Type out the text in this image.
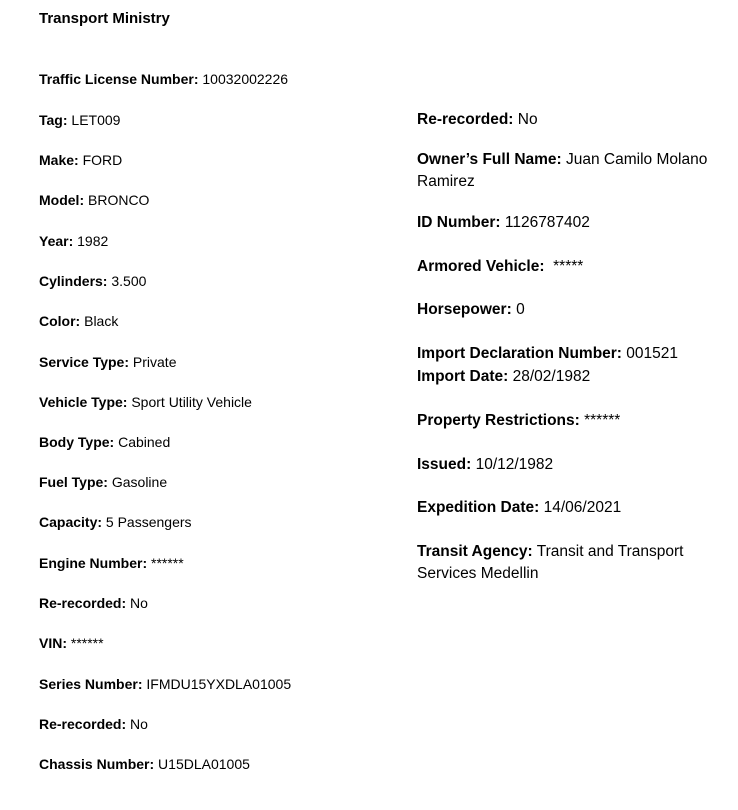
Transport Ministry
Traffic License Number: 10032002226
Tag: LET009
Make: FORD
Model: BRONCO
Year: 1982
Cylinders: 3.500
Color: Black
Service Type: Private
Vehicle Type: Sport Utility Vehicle
Body Type: Cabined
Fuel Type: Gasoline
Capacity: 5 Passengers
Engine Number: ******
Re-recorded: No
VIN: ******
Series Number: IFMDU15YXDLA01005
Re-recorded: No
Chassis Number: U15DLA01005
Re-recorded: No
Owner’s Full Name: Juan Camilo Molano Ramirez
ID Number: 1126787402
Armored Vehicle: *****
Horsepower: 0
Import Declaration Number: 001521
Import Date: 28/02/1982
Property Restrictions: ******
Issued: 10/12/1982
Expedition Date: 14/06/2021
Transit Agency: Transit and Transport Services Medellin
